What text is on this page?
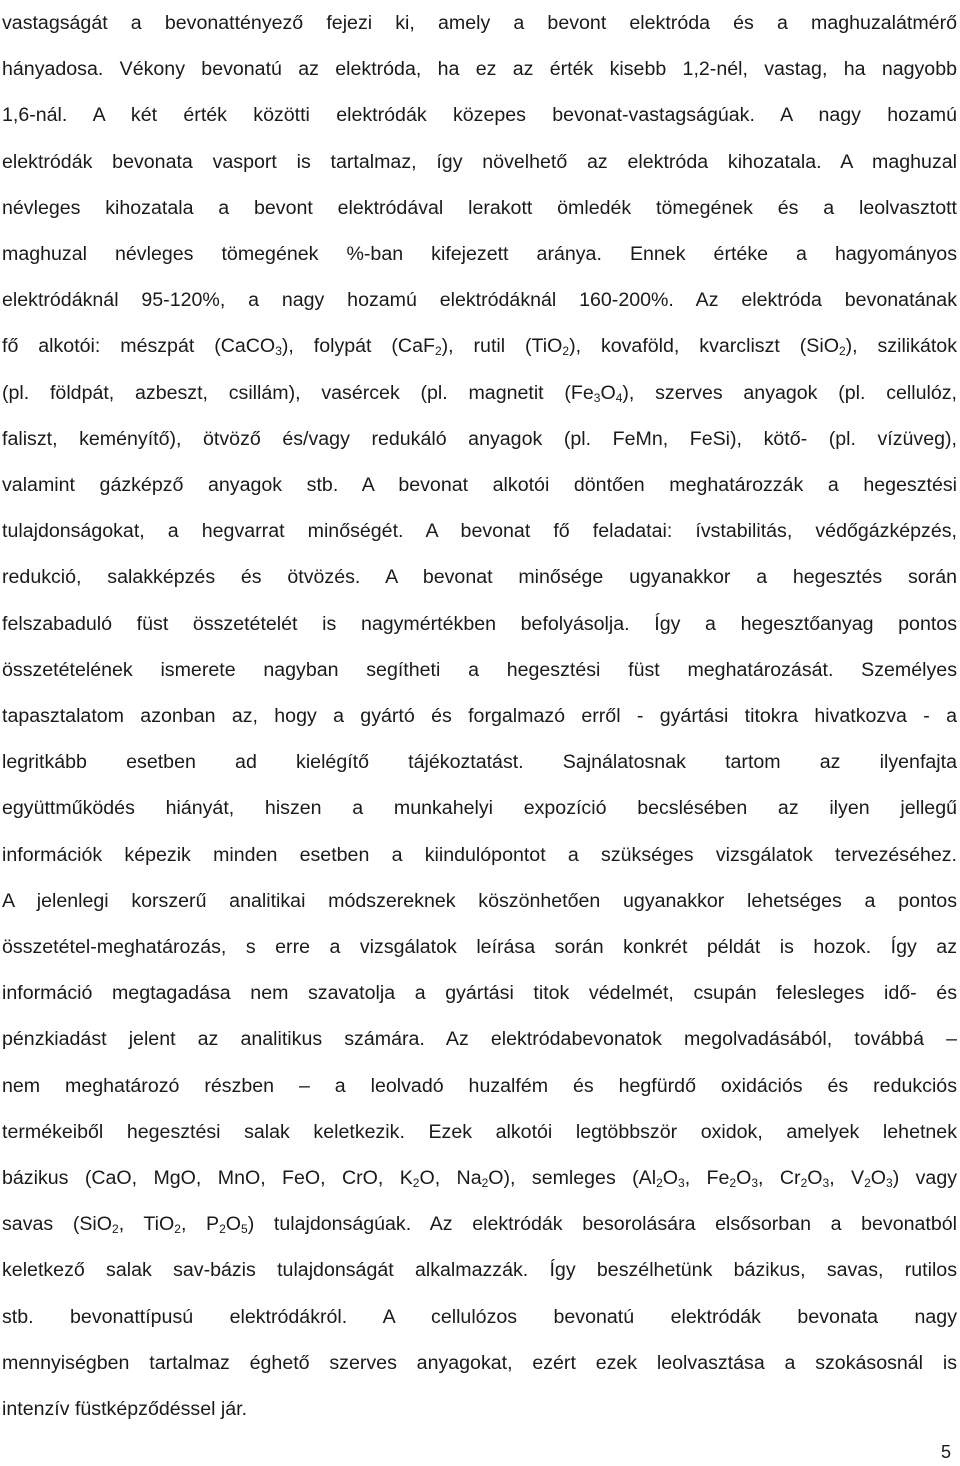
vastagságát a bevonattényező fejezi ki, amely a bevont elektróda és a maghuzalátmérő
hányadosa. Vékony bevonatú az elektróda, ha ez az érték kisebb 1,2-nél, vastag, ha nagyobb
1,6-nál. A két érték közötti elektródák közepes bevonat-vastagságúak. A nagy hozamú
elektródák bevonata vasport is tartalmaz, így növelhető az elektróda kihozatala. A maghuzal
névleges kihozatala a bevont elektródával lerakott ömledék tömegének és a leolvasztott
maghuzal névleges tömegének %-ban kifejezett aránya. Ennek értéke a hagyományos
elektródáknál 95-120%, a nagy hozamú elektródáknál 160-200%. Az elektróda bevonatának
fő alkotói: mészpát (CaCO$_3$), folypát (CaF$_2$), rutil (TiO$_2$), kovaföld, kvarcliszt (SiO$_2$), szilikátok
(pl. földpát, azbeszt, csillám), vasércek (pl. magnetit $(Fe_3O_4)$, szerves anyagok (pl. cellulóz,
faliszt, keményítő), ötvöző és/vagy redukáló anyagok (pl. FeMn, FeSi), kötő- (pl. vízüveg),
valamint gázképző anyagok stb. A bevonat alkotói döntően meghatározzák a hegesztési
tulajdonságokat, a hegvarrat minőségét. A bevonat fő feladatai: ívstabilitás, védőgázképzés,
redukció, salakképzés és ötvözés. A bevonat minősége ugyanakkor a hegesztés során
felszabaduló füst összetételét is nagymértékben befolyásolja. Így a hegesztőanyag pontos
összetételének ismerete nagyban segítheti a hegesztési füst meghatározását. Személyes
tapasztalatom azonban az, hogy a gyártó és forgalmazó erről - gyártási titokra hivatkozva - a
legritkább esetben ad kielégítő tájékoztatást. Sajnálatosnak tartom az ilyenfajta
együttműködés hiányát, hiszen a munkahelyi expozíció becslésében az ilyen jellegű
információk képezik minden esetben a kiindulópontot a szükséges vizsgálatok tervezéséhez.
A jelenlegi korszerű analitikai módszereknek köszönhetően ugyanakkor lehetséges a pontos
összetétel-meghatározás, s erre a vizsgálatok leírása során konkrét példát is hozok. Így az
információ megtagadása nem szavatolja a gyártási titok védelmét, csupán felesleges idő- és
pénzkiadást jelent az analitikus számára. Az elektródabevonatok megolvadásából, továbbá –
nem meghatározó részben – a leolvadó huzalfém és hegfürdő oxidációs és redukciós
termékeiből hegesztési salak keletkezik. Ezek alkotói legtöbbször oxidok, amelyek lehetnek
bázikus (CaO, MgO, MnO, FeO, CrO, $K_2O$, $Na_2O$), semleges ($Al_2O_3$, $Fe_2O_3$, $Cr_2O_3$, $V_2O_3$) vagy
savas (SiO$_2$, TiO$_2$, $P_2O_5$) tulajdonságúak. Az elektródák besorolására elsősorban a bevonatból
keletkező salak sav-bázis tulajdonságát alkalmazzák. Így beszélhetünk bázikus, savas, rutilos
stb. bevonattípusú elektródákról. A cellulózos bevonatú elektródák bevonata nagy
mennyiségben tartalmaz éghető szerves anyagokat, ezért ezek leolvasztása a szokásosnál is
intenzív füstképződéssel jár.
5
